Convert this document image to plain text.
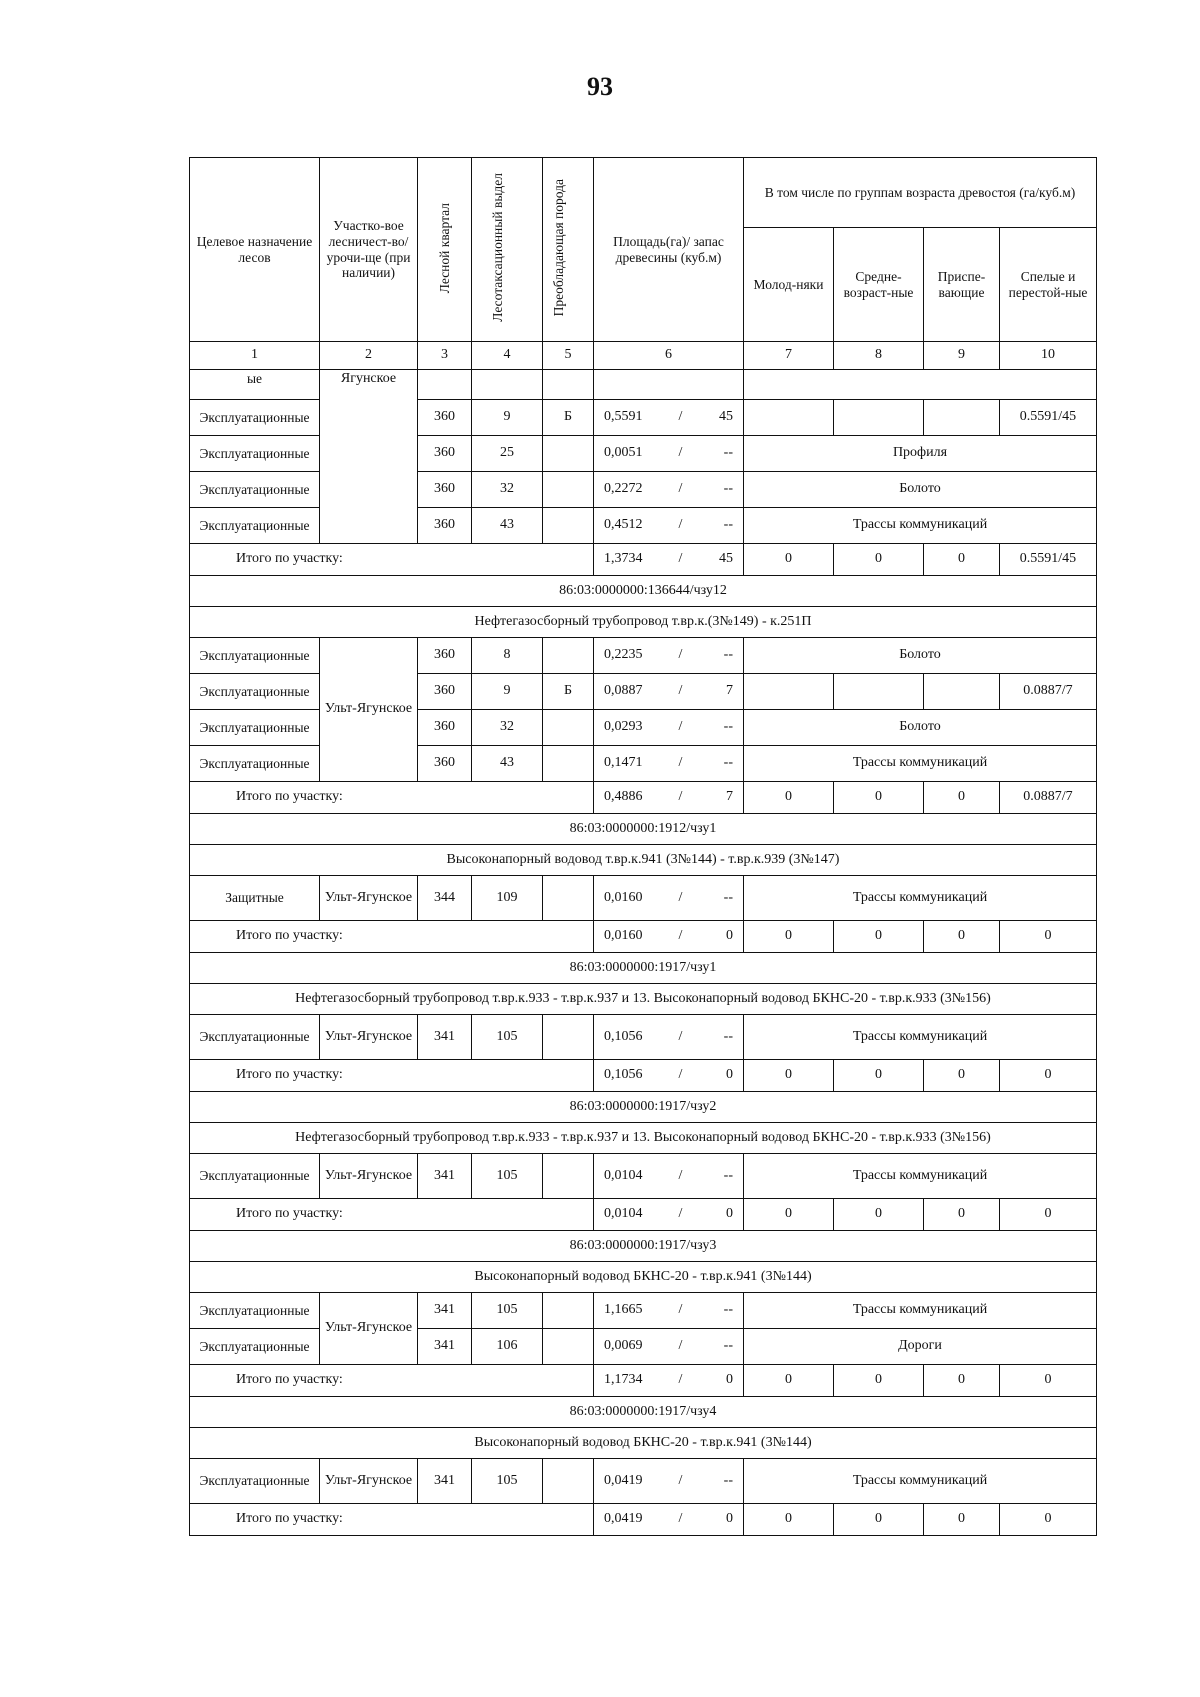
93
Целевое назначение лесов	Участко-вое лесничест-во/урочи-ще (при наличии)	Лесной квартал	Лесотаксационный выдел	Преобладающая порода	Площадь(га)/ запас древесины (куб.м)	В том числе по группам возраста древостоя (га/куб.м)			
						Молод-няки	Средне-возраст-ные	Приспе-вающие	Спелые и перестой-ные
1	2	3	4	5	6	7	8	9	10
ые	Ягунское								
Эксплуатационные		360	9	Б	0,5591 / 45				0.5591/45
Эксплуатационные		360	25		0,0051 / --	Профиля			
Эксплуатационные		360	32		0,2272 / --	Болото			
Эксплуатационные		360	43		0,4512 / --	Трассы коммуникаций			
Итого по участку:					1,3734 / 45	0	0	0	0.5591/45
86:03:0000000:136644/чзу12									
Нефтегазосборный трубопровод т.вр.к.(3№149) - к.251П									
Эксплуатационные	Ульт-Ягунское	360	8		0,2235 / --	Болото			
Эксплуатационные		360	9	Б	0,0887 / 7				0.0887/7
Эксплуатационные		360	32		0,0293 / --	Болото			
Эксплуатационные		360	43		0,1471 / --	Трассы коммуникаций			
Итого по участку:					0,4886 / 7	0	0	0	0.0887/7
86:03:0000000:1912/чзу1									
Высоконапорный водовод т.вр.к.941 (3№144) - т.вр.к.939 (3№147)									
Защитные	Ульт-Ягунское	344	109		0,0160 / --	Трассы коммуникаций			
Итого по участку:					0,0160 / 0	0	0	0	0
86:03:0000000:1917/чзу1									
Нефтегазосборный трубопровод т.вр.к.933 - т.вр.к.937 и 13. Высоконапорный водовод БКНС-20 - т.вр.к.933 (3№156)									
Эксплуатационные	Ульт-Ягунское	341	105		0,1056 / --	Трассы коммуникаций			
Итого по участку:					0,1056 / 0	0	0	0	0
86:03:0000000:1917/чзу2									
Нефтегазосборный трубопровод т.вр.к.933 - т.вр.к.937 и 13. Высоконапорный водовод БКНС-20 - т.вр.к.933 (3№156)									
Эксплуатационные	Ульт-Ягунское	341	105		0,0104 / --	Трассы коммуникаций			
Итого по участку:					0,0104 / 0	0	0	0	0
86:03:0000000:1917/чзу3									
Высоконапорный водовод БКНС-20 - т.вр.к.941 (3№144)									
Эксплуатационные	Ульт-Ягунское	341	105		1,1665 / --	Трассы коммуникаций			
Эксплуатационные		341	106		0,0069 / --	Дороги			
Итого по участку:					1,1734 / 0	0	0	0	0
86:03:0000000:1917/чзу4									
Высоконапорный водовод БКНС-20 - т.вр.к.941 (3№144)									
Эксплуатационные	Ульт-Ягунское	341	105		0,0419 / --	Трассы коммуникаций			
Итого по участку:					0,0419 / 0	0	0	0	0
